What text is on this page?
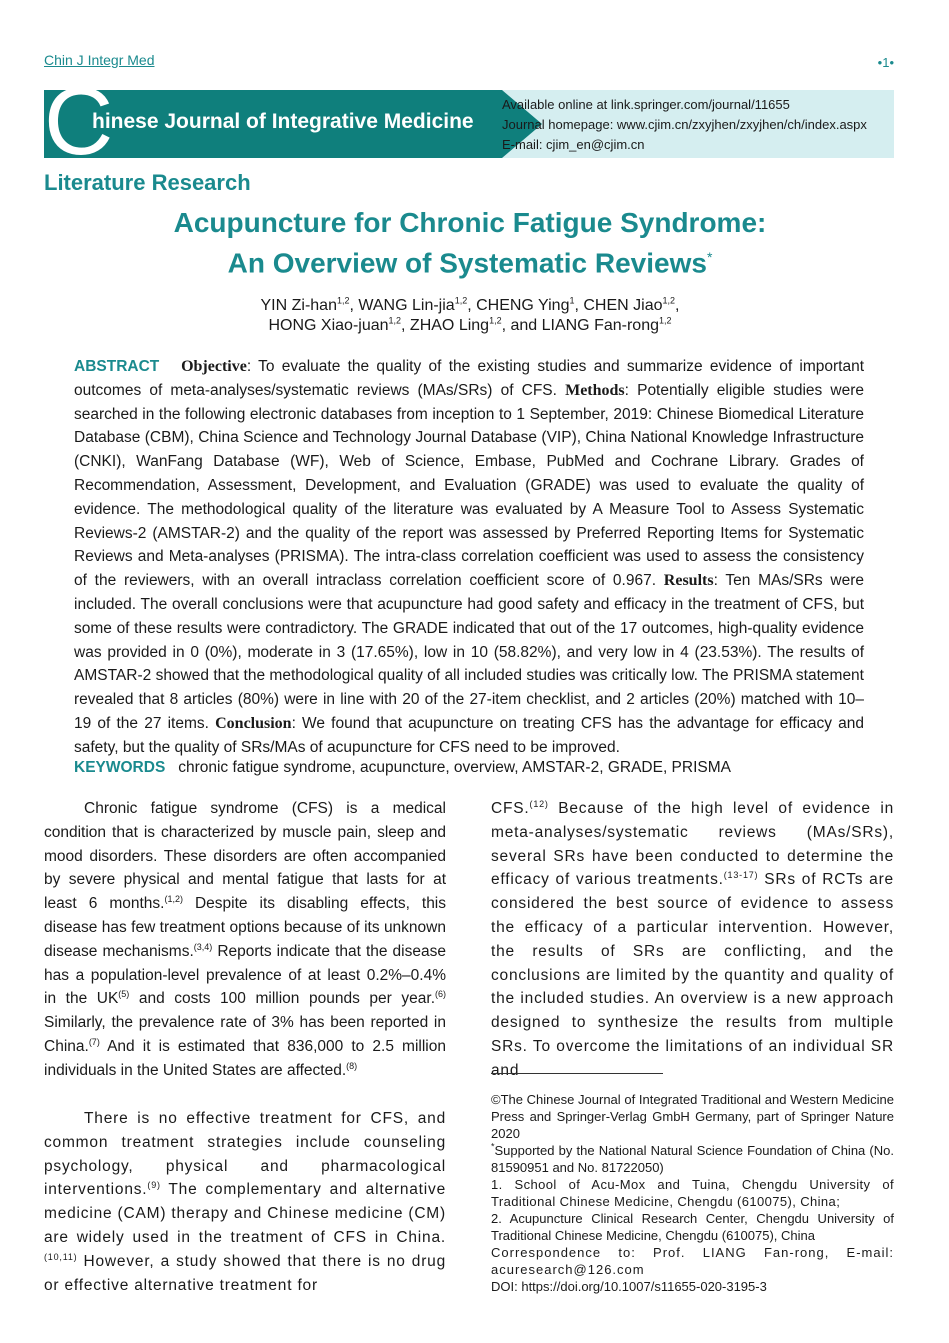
Chin J Integr Med	•1•
C
hinese Journal of Integrative Medicine
Available online at link.springer.com/journal/11655
Journal homepage: www.cjim.cn/zxyjhen/zxyjhen/ch/index.aspx
E-mail: cjim_en@cjim.cn
Literature Research
Acupuncture for Chronic Fatigue Syndrome:
An Overview of Systematic Reviews*
YIN Zi-han$^{1,2}$, WANG Lin-jia$^{1,2}$, CHENG Ying$^1$, CHEN Jiao$^{1,2}$,
HONG Xiao-juan$^{1,2}$, ZHAO Ling$^{1,2}$, and LIANG Fan-rong$^{1,2}$
ABSTRACT Objective: To evaluate the quality of the existing studies and summarize evidence of important outcomes of meta-analyses/systematic reviews (MAs/SRs) of CFS. Methods: Potentially eligible studies were searched in the following electronic databases from inception to 1 September, 2019: Chinese Biomedical Literature Database (CBM), China Science and Technology Journal Database (VIP), China National Knowledge Infrastructure (CNKI), WanFang Database (WF), Web of Science, Embase, PubMed and Cochrane Library. Grades of Recommendation, Assessment, Development, and Evaluation (GRADE) was used to evaluate the quality of evidence. The methodological quality of the literature was evaluated by A Measure Tool to Assess Systematic Reviews-2 (AMSTAR-2) and the quality of the report was assessed by Preferred Reporting Items for Systematic Reviews and Meta-analyses (PRISMA). The intra-class correlation coefficient was used to assess the consistency of the reviewers, with an overall intraclass correlation coefficient score of 0.967. Results: Ten MAs/SRs were included. The overall conclusions were that acupuncture had good safety and efficacy in the treatment of CFS, but some of these results were contradictory. The GRADE indicated that out of the 17 outcomes, high-quality evidence was provided in 0 (0%), moderate in 3 (17.65%), low in 10 (58.82%), and very low in 4 (23.53%). The results of AMSTAR-2 showed that the methodological quality of all included studies was critically low. The PRISMA statement revealed that 8 articles (80%) were in line with 20 of the 27-item checklist, and 2 articles (20%) matched with 10–19 of the 27 items. Conclusion: We found that acupuncture on treating CFS has the advantage for efficacy and safety, but the quality of SRs/MAs of acupuncture for CFS need to be improved.
KEYWORDS chronic fatigue syndrome, acupuncture, overview, AMSTAR-2, GRADE, PRISMA
Chronic fatigue syndrome (CFS) is a medical condition that is characterized by muscle pain, sleep and mood disorders. These disorders are often accompanied by severe physical and mental fatigue that lasts for at least 6 months.$^{(1,2)}$ Despite its disabling effects, this disease has few treatment options because of its unknown disease mechanisms.$^{(3,4)}$ Reports indicate that the disease has a population-level prevalence of at least 0.2%–0.4% in the UK$^{(5)}$ and costs 100 million pounds per year.$^{(6)}$ Similarly, the prevalence rate of 3% has been reported in China.$^{(7)}$ And it is estimated that 836,000 to 2.5 million individuals in the United States are affected.$^{(8)}$
There is no effective treatment for CFS, and common treatment strategies include counseling psychology, physical and pharmacological interventions.$^{(9)}$ The complementary and alternative medicine (CAM) therapy and Chinese medicine (CM) are widely used in the treatment of CFS in China.$^{(10,11)}$ However, a study showed that there is no drug or effective alternative treatment for
CFS.$^{(12)}$ Because of the high level of evidence in meta-analyses/systematic reviews (MAs/SRs), several SRs have been conducted to determine the efficacy of various treatments.$^{(13-17)}$ SRs of RCTs are considered the best source of evidence to assess the efficacy of a particular intervention. However, the results of SRs are conflicting, and the conclusions are limited by the quantity and quality of the included studies. An overview is a new approach designed to synthesize the results from multiple SRs. To overcome the limitations of an individual SR and

©The Chinese Journal of Integrated Traditional and Western Medicine Press and Springer-Verlag GmbH Germany, part of Springer Nature 2020

*Supported by the National Natural Science Foundation of China (No. 81590951 and No. 81722050)

1. School of Acu-Mox and Tuina, Chengdu University of Traditional Chinese Medicine, Chengdu (610075), China;

2. Acupuncture Clinical Research Center, Chengdu University of Traditional Chinese Medicine, Chengdu (610075), China

Correspondence to: Prof. LIANG Fan-rong, E-mail: acuresearch@126.com

DOI: https://doi.org/10.1007/s11655-020-3195-3
